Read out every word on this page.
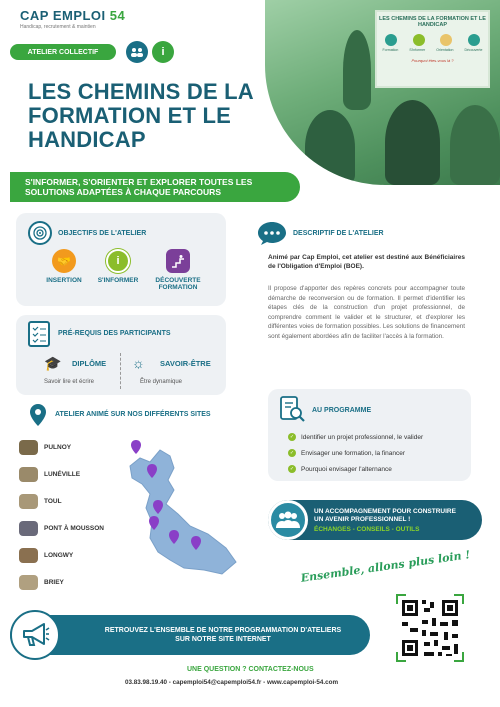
CAP EMPLOI 54
Handicap, recrutement & maintien
ATELIER COLLECTIF	i
LES CHEMINS DE LA FORMATION ET LE HANDICAP
LES CHEMINS DE LA FORMATION ET LE HANDICAP
Formation	S'informer	Orientation	Découverte
Pourquoi êtes-vous là ?
S'INFORMER, S'ORIENTER ET EXPLORER TOUTES LES SOLUTIONS ADAPTÉES À CHAQUE PARCOURS
OBJECTIFS DE L'ATELIER
🤝
INSERTION
i
S'INFORMER	DÉCOUVERTE FORMATION
PRÉ-REQUIS DES PARTICIPANTS
🎓 DIPLÔME
Savoir lire et écrire
☼ SAVOIR-ÊTRE
Être dynamique
ATELIER ANIMÉ SUR NOS DIFFÉRENTS SITES
PULNOY
LUNÉVILLE
TOUL
PONT À MOUSSON
LONGWY
BRIEY
DESCRIPTIF DE L'ATELIER
Animé par Cap Emploi, cet atelier est destiné aux Bénéficiaires de l'Obligation d'Emploi (BOE).
Il propose d'apporter des repères concrets pour accompagner toute démarche de reconversion ou de formation. Il permet d'identifier les étapes clés de la construction d'un projet professionnel, de comprendre comment le valider et le structurer, et d'explorer les différentes voies de formation possibles. Les solutions de financement sont également abordées afin de faciliter l'accès à la formation.
AU PROGRAMME
✓ Identifier un projet professionnel, le valider
✓ Envisager une formation, la financer
✓ Pourquoi envisager l'alternance
UN ACCOMPAGNEMENT POUR CONSTRUIRE
UN AVENIR PROFESSIONNEL !
ÉCHANGES - CONSEILS - OUTILS
Ensemble, allons plus loin !
RETROUVEZ L'ENSEMBLE DE NOTRE PROGRAMMATION D'ATELIERS
SUR NOTRE SITE INTERNET
UNE QUESTION ? CONTACTEZ-NOUS
03.83.98.19.40 - capemploi54@capemploi54.fr - www.capemploi-54.com
